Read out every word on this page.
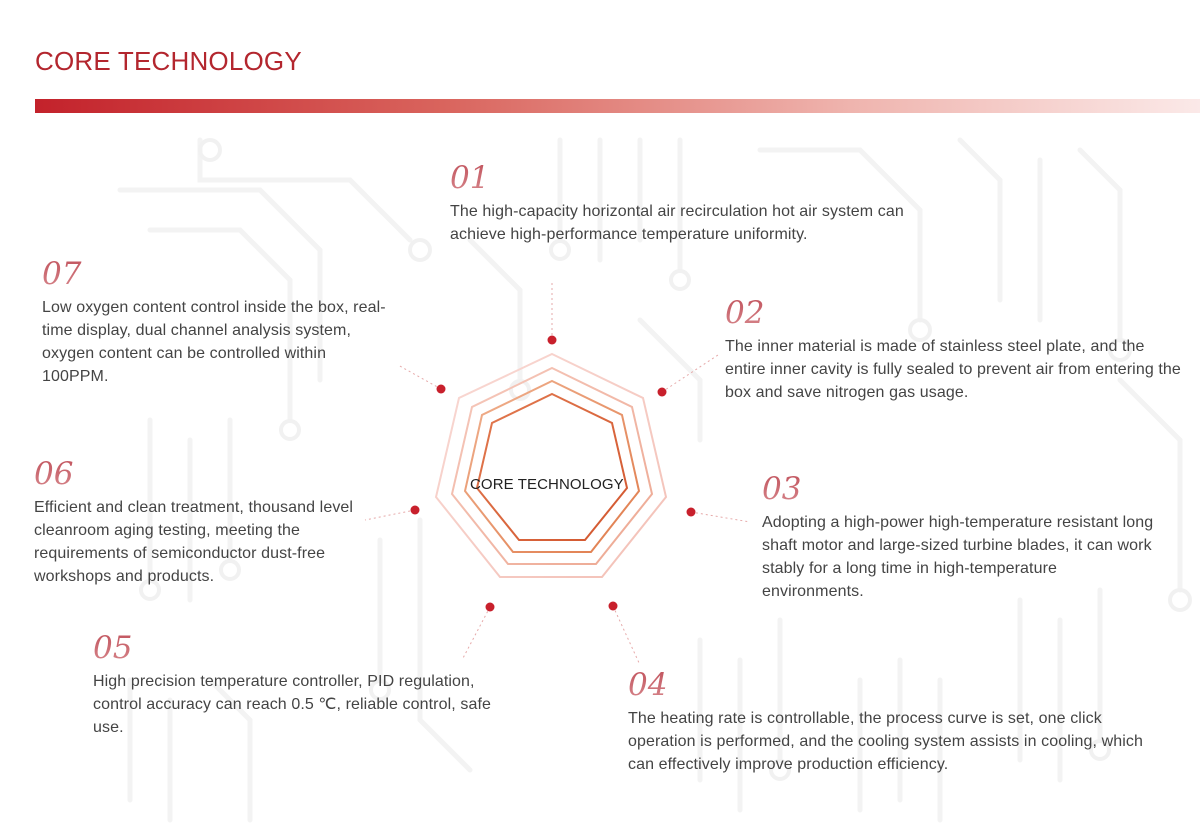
CORE TECHNOLOGY
CORE TECHNOLOGY
01
The high-capacity horizontal air recirculation hot air system can achieve high-performance temperature uniformity.
02
The inner material is made of stainless steel plate, and the entire inner cavity is fully sealed to prevent air from entering the box and save nitrogen gas usage.
03
Adopting a high-power high-temperature resistant long shaft motor and large-sized turbine blades, it can work stably for a long time in high-temperature environments.
04
The heating rate is controllable, the process curve is set, one click operation is performed, and the cooling system assists in cooling, which can effectively improve production efficiency.
05
High precision temperature controller, PID regulation, control accuracy can reach 0.5 ℃, reliable control, safe use.
06
Efficient and clean treatment, thousand level cleanroom aging testing, meeting the requirements of semiconductor dust-free workshops and products.
07
Low oxygen content control inside the box, real-time display, dual channel analysis system, oxygen content can be controlled within 100PPM.
